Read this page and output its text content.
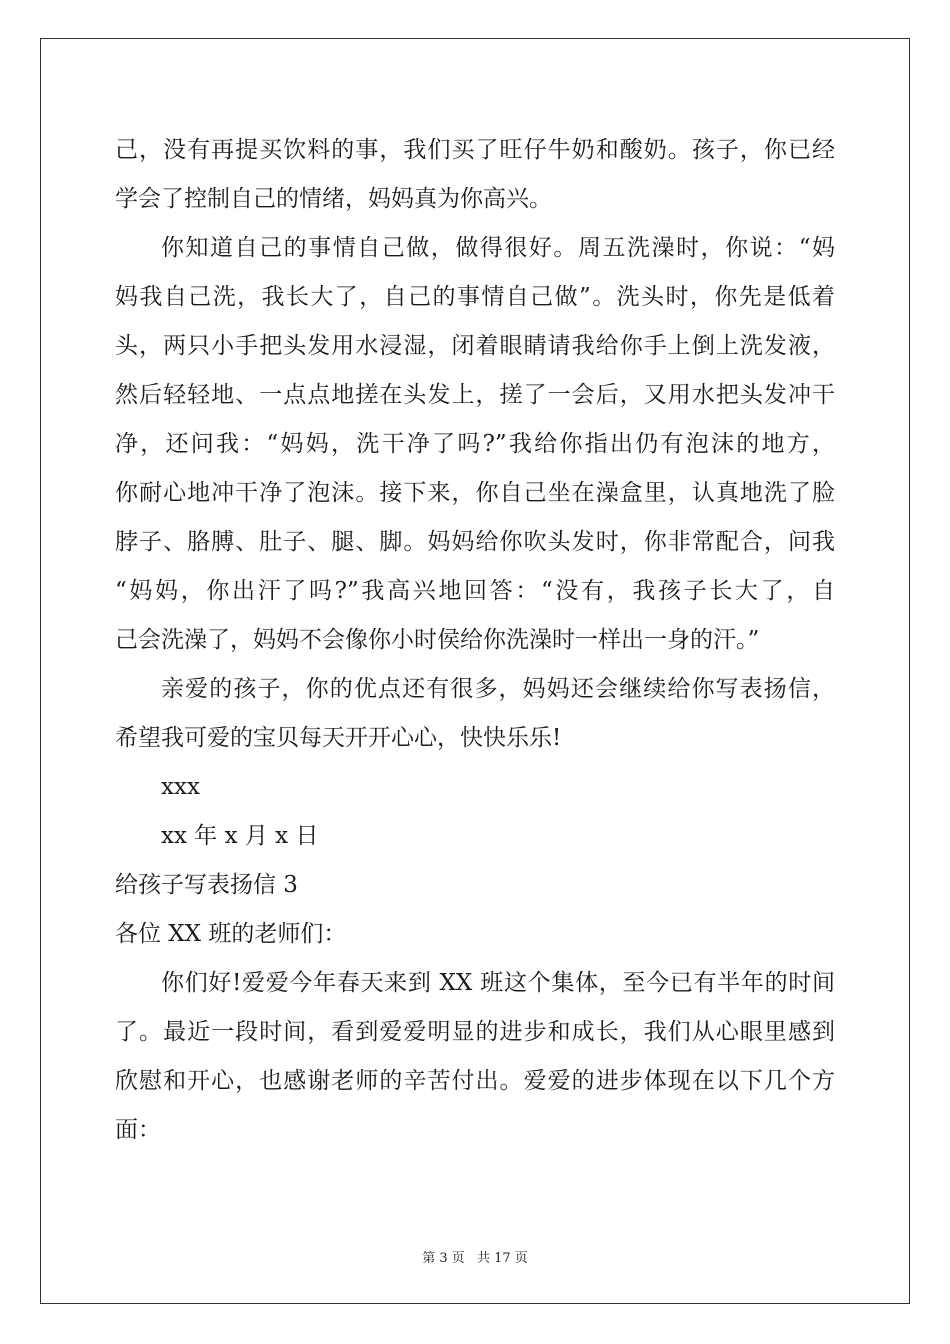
己，没有再提买饮料的事，我们买了旺仔牛奶和酸奶。孩子，你已经
学会了控制自己的情绪，妈妈真为你高兴。
你知道自己的事情自己做，做得很好。周五洗澡时，你说：“妈
妈我自己洗，我长大了，自己的事情自己做”。洗头时，你先是低着
头，两只小手把头发用水浸湿，闭着眼睛请我给你手上倒上洗发液，
然后轻轻地、一点点地搓在头发上，搓了一会后，又用水把头发冲干
净，还问我：“妈妈，洗干净了吗?”我给你指出仍有泡沫的地方，
你耐心地冲干净了泡沫。接下来，你自己坐在澡盒里，认真地洗了脸
脖子、胳膊、肚子、腿、脚。妈妈给你吹头发时，你非常配合，问我
“妈妈，你出汗了吗?”我高兴地回答：“没有，我孩子长大了，自
己会洗澡了，妈妈不会像你小时侯给你洗澡时一样出一身的汗。”
亲爱的孩子，你的优点还有很多，妈妈还会继续给你写表扬信，
希望我可爱的宝贝每天开开心心，快快乐乐!
xxx
xx 年 x 月 x 日
给孩子写表扬信 3
各位 XX 班的老师们：
你们好!爱爱今年春天来到 XX 班这个集体，至今已有半年的时间
了。最近一段时间，看到爱爱明显的进步和成长，我们从心眼里感到
欣慰和开心，也感谢老师的辛苦付出。爱爱的进步体现在以下几个方
面：
第 3 页 共 17 页
